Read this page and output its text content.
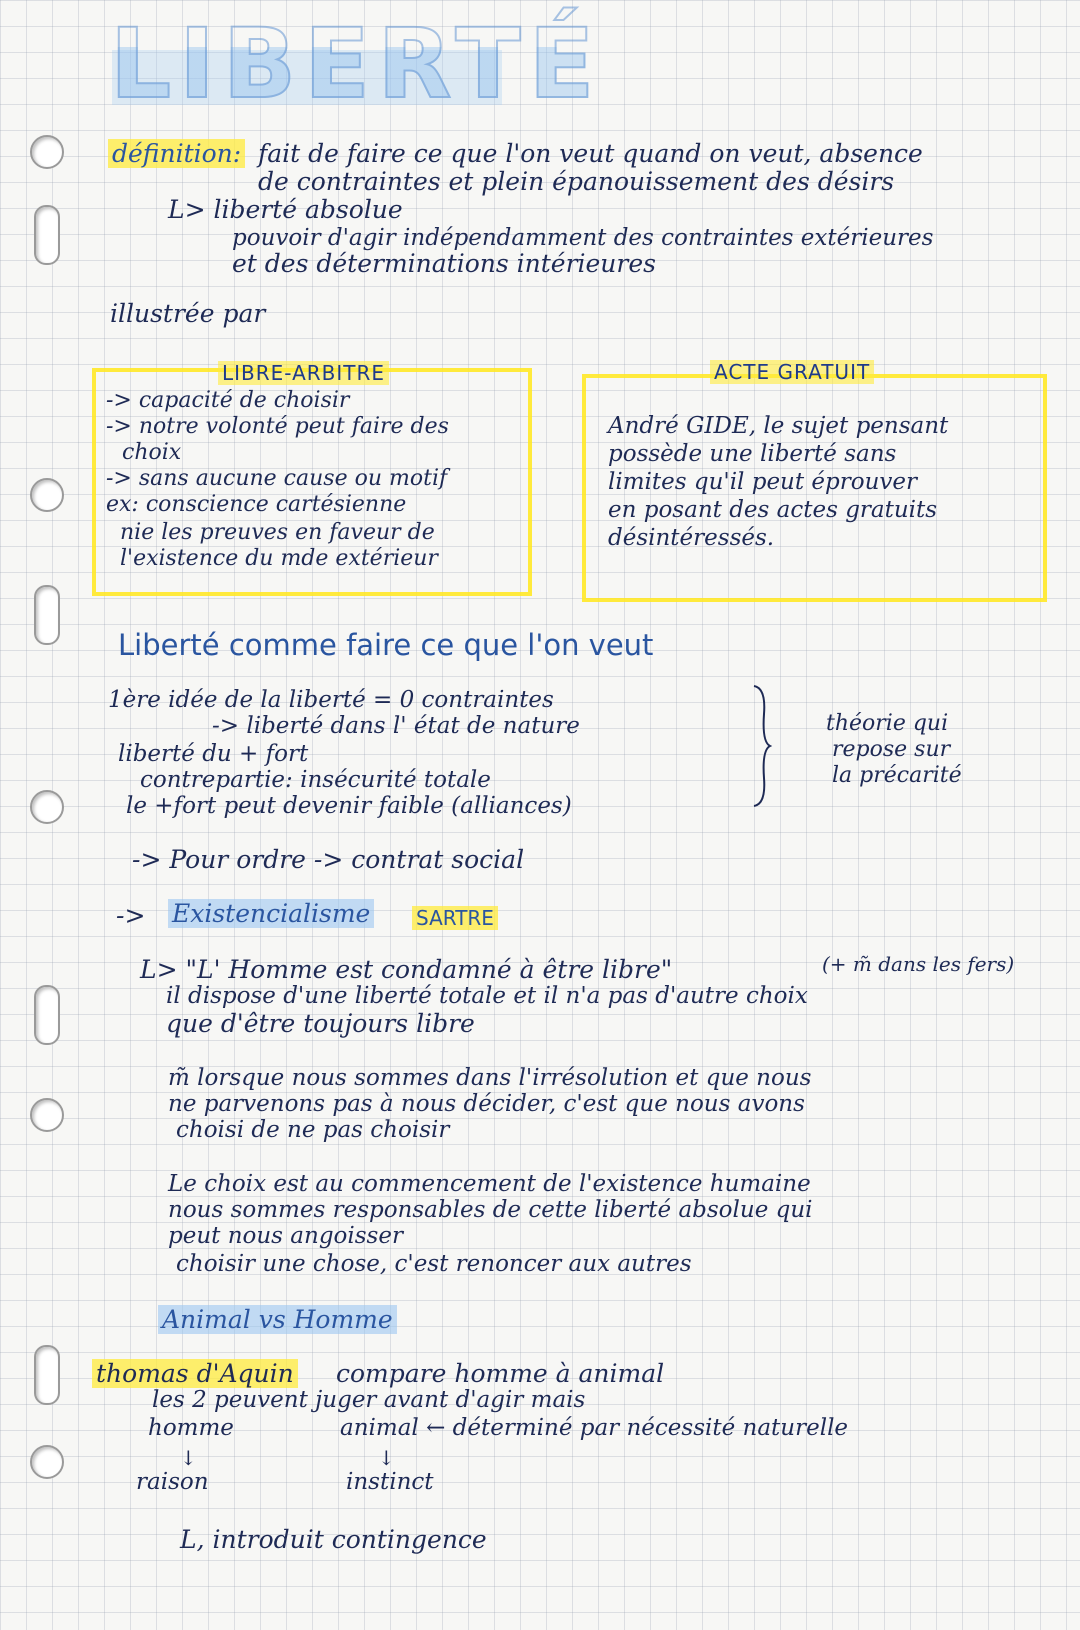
LIBERTÉ
définition: fait de faire ce que l'on veut quand on veut, absence
de contraintes et plein épanouissement des désirs
L> liberté absolue
pouvoir d'agir indépendamment des contraintes extérieures
et des déterminations intérieures
illustrée par
LIBRE-ARBITRE
-> capacité de choisir
-> notre volonté peut faire des
choix
-> sans aucune cause ou motif
ex: conscience cartésienne
nie les preuves en faveur de
l'existence du mde extérieur
ACTE GRATUIT
André GIDE, le sujet pensant
possède une liberté sans
limites qu'il peut éprouver
en posant des actes gratuits
désintéressés.
Liberté comme faire ce que l'on veut
1ère idée de la liberté = 0 contraintes
-> liberté dans l' état de nature
liberté du + fort
contrepartie: insécurité totale
le +fort peut devenir faible (alliances)
théorie qui
repose sur
la précarité
-> Pour ordre -> contrat social
-> Existencialisme SARTRE
L> "L' Homme est condamné à être libre"	(+ m̃ dans les fers)
il dispose d'une liberté totale et il n'a pas d'autre choix
que d'être toujours libre
m̃ lorsque nous sommes dans l'irrésolution et que nous
ne parvenons pas à nous décider, c'est que nous avons
choisi de ne pas choisir
Le choix est au commencement de l'existence humaine
nous sommes responsables de cette liberté absolue qui
peut nous angoisser
choisir une chose, c'est renoncer aux autres
Animal vs Homme
thomas d'Aquin compare homme à animal
les 2 peuvent juger avant d'agir mais
homme	animal ← déterminé par nécessité naturelle
↓	↓
raison	instinct
L, introduit contingence
